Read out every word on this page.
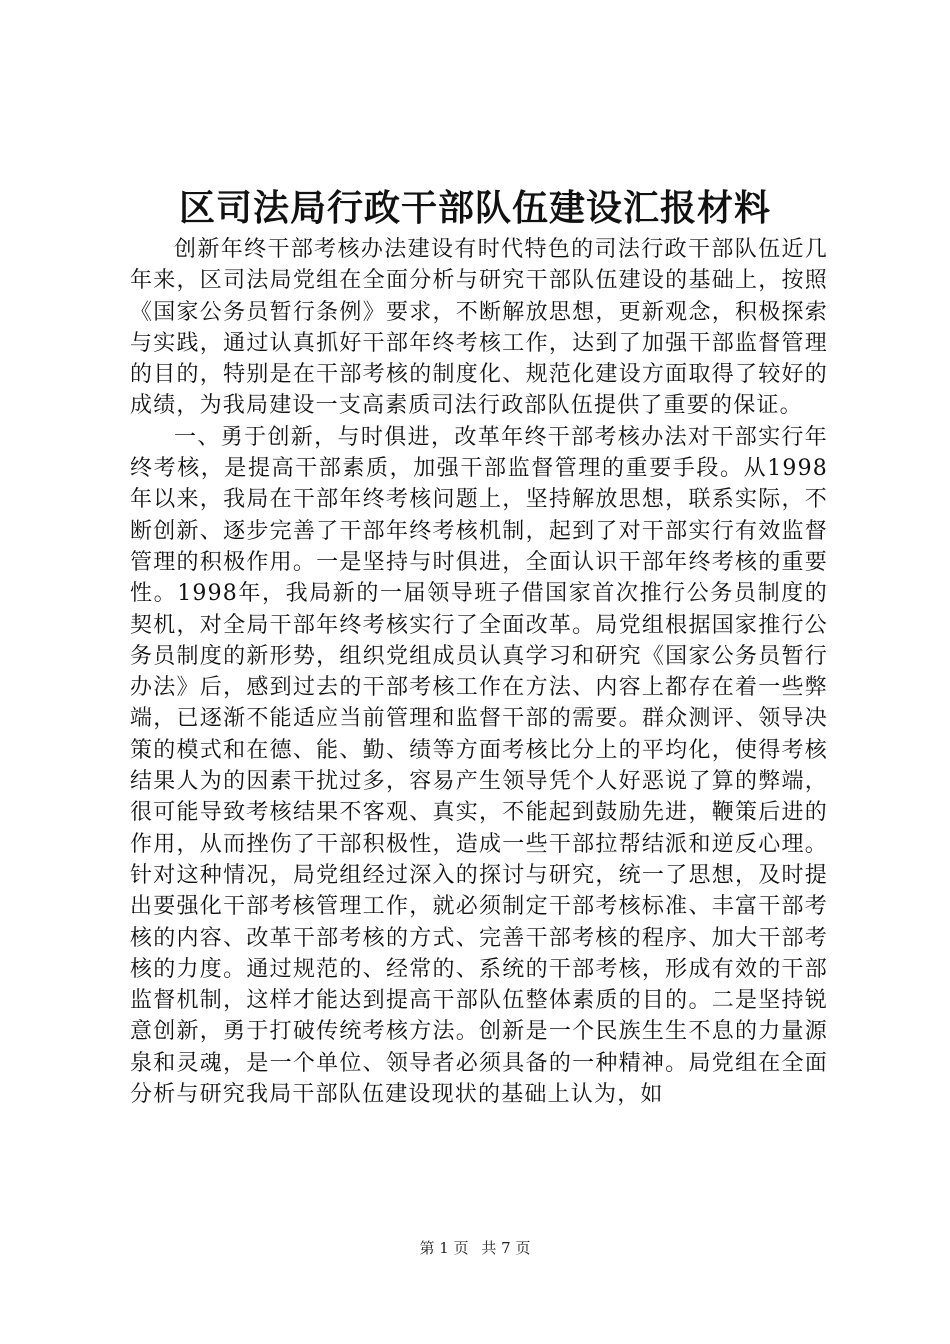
区司法局行政干部队伍建设汇报材料

创新年终干部考核办法建设有时代特色的司法行政干部队伍近几年来，区司法局党组在全面分析与研究干部队伍建设的基础上，按照《国家公务员暂行条例》要求，不断解放思想，更新观念，积极探索与实践，通过认真抓好干部年终考核工作，达到了加强干部监督管理的目的，特别是在干部考核的制度化、规范化建设方面取得了较好的成绩，为我局建设一支高素质司法行政部队伍提供了重要的保证。

一、勇于创新，与时俱进，改革年终干部考核办法对干部实行年终考核，是提高干部素质，加强干部监督管理的重要手段。从1998年以来，我局在干部年终考核问题上，坚持解放思想，联系实际，不断创新、逐步完善了干部年终考核机制，起到了对干部实行有效监督管理的积极作用。一是坚持与时俱进，全面认识干部年终考核的重要性。1998年，我局新的一届领导班子借国家首次推行公务员制度的契机，对全局干部年终考核实行了全面改革。局党组根据国家推行公务员制度的新形势，组织党组成员认真学习和研究《国家公务员暂行办法》后，感到过去的干部考核工作在方法、内容上都存在着一些弊端，已逐渐不能适应当前管理和监督干部的需要。群众测评、领导决策的模式和在德、能、勤、绩等方面考核比分上的平均化，使得考核结果人为的因素干扰过多，容易产生领导凭个人好恶说了算的弊端，很可能导致考核结果不客观、真实，不能起到鼓励先进，鞭策后进的作用，从而挫伤了干部积极性，造成一些干部拉帮结派和逆反心理。针对这种情况，局党组经过深入的探讨与研究，统一了思想，及时提出要强化干部考核管理工作，就必须制定干部考核标准、丰富干部考核的内容、改革干部考核的方式、完善干部考核的程序、加大干部考核的力度。通过规范的、经常的、系统的干部考核，形成有效的干部监督机制，这样才能达到提高干部队伍整体素质的目的。二是坚持锐意创新，勇于打破传统考核方法。创新是一个民族生生不息的力量源泉和灵魂，是一个单位、领导者必须具备的一种精神。局党组在全面分析与研究我局干部队伍建设现状的基础上认为，如

第 1 页 共 7 页
